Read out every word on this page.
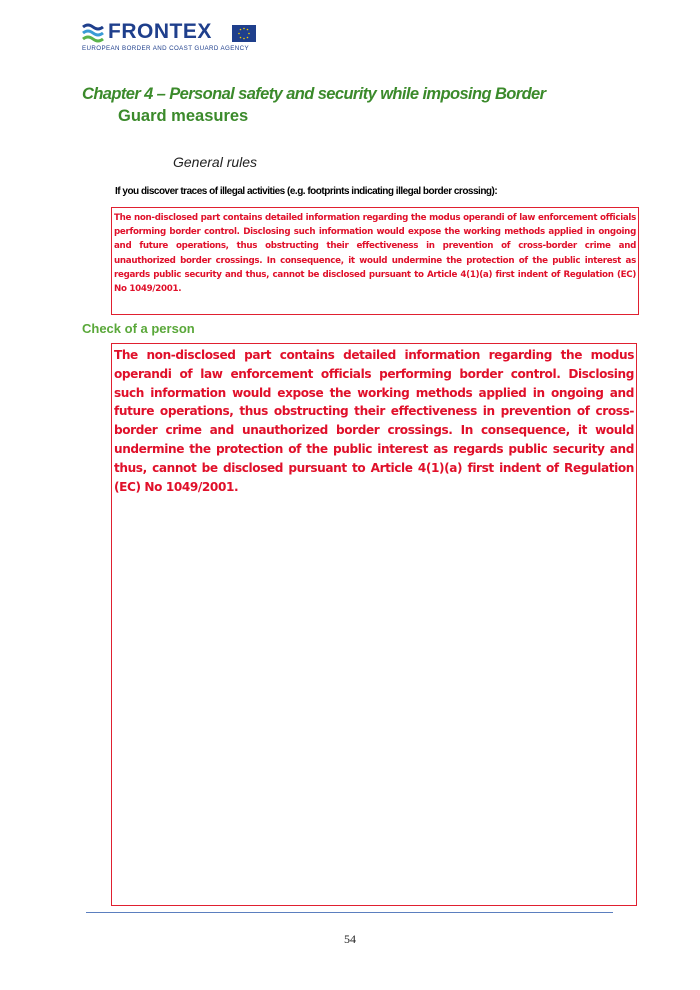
FRONTEX
EUROPEAN BORDER AND COAST GUARD AGENCY
Chapter 4 – Personal safety and security while imposing Border
Guard measures
General rules
If you discover traces of illegal activities (e.g. footprints indicating illegal border crossing):
The non-disclosed part contains detailed information regarding the modus operandi of law enforcement officials performing border control. Disclosing such information would expose the working methods applied in ongoing and future operations, thus obstructing their effectiveness in prevention of cross-border crime and unauthorized border crossings. In consequence, it would undermine the protection of the public interest as regards public security and thus, cannot be disclosed pursuant to Article 4(1)(a) first indent of Regulation (EC) No 1049/2001.
Check of a person
The non-disclosed part contains detailed information regarding the modus operandi of law enforcement officials performing border control. Disclosing such information would expose the working methods applied in ongoing and future operations, thus obstructing their effectiveness in prevention of cross-border crime and unauthorized border crossings. In consequence, it would undermine the protection of the public interest as regards public security and thus, cannot be disclosed pursuant to Article 4(1)(a) first indent of Regulation (EC) No 1049/2001.
54
